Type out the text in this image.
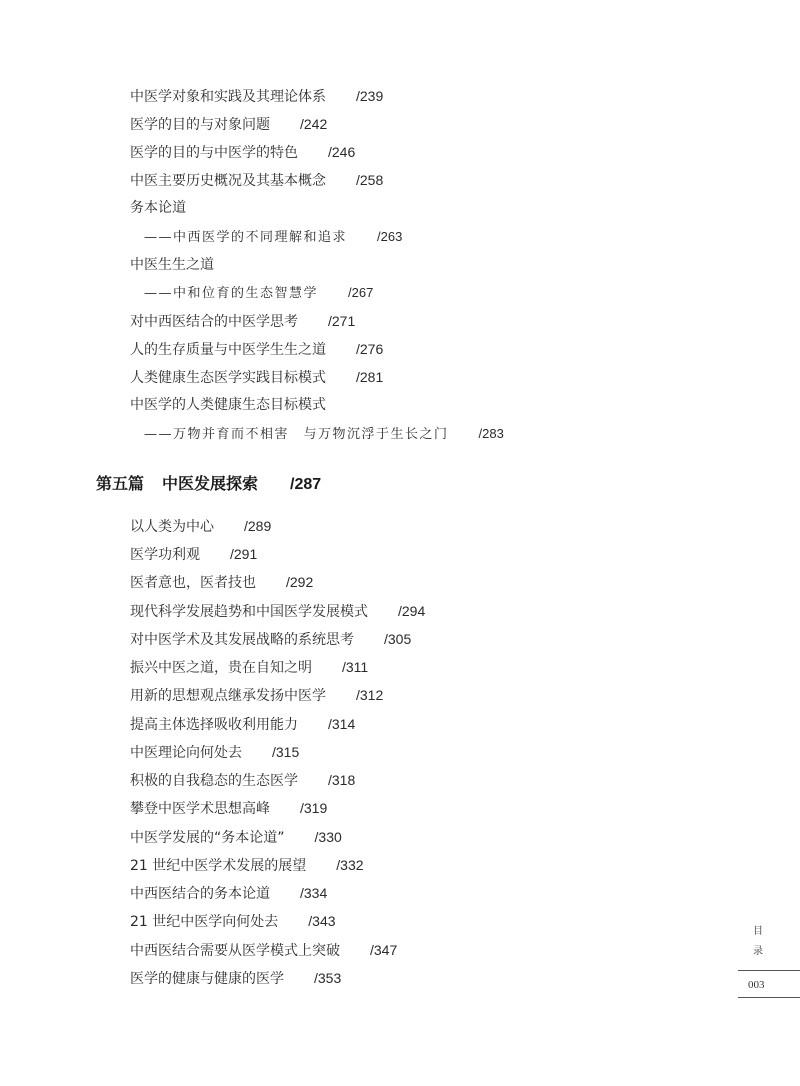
中医学对象和实践及其理论体系 /239
医学的目的与对象问题 /242
医学的目的与中医学的特色 /246
中医主要历史概况及其基本概念 /258
务本论道
——中西医学的不同理解和追求 /263
中医生生之道
——中和位育的生态智慧学 /267
对中西医结合的中医学思考 /271
人的生存质量与中医学生生之道 /276
人类健康生态医学实践目标模式 /281
中医学的人类健康生态目标模式
——万物并育而不相害　与万物沉浮于生长之门 /283
第五篇 中医发展探索 /287
以人类为中心 /289
医学功利观 /291
医者意也，医者技也 /292
现代科学发展趋势和中国医学发展模式 /294
对中医学术及其发展战略的系统思考 /305
振兴中医之道，贵在自知之明 /311
用新的思想观点继承发扬中医学 /312
提高主体选择吸收利用能力 /314
中医理论向何处去 /315
积极的自我稳态的生态医学 /318
攀登中医学术思想高峰 /319
中医学发展的“务本论道” /330
21 世纪中医学术发展的展望 /332
中西医结合的务本论道 /334
21 世纪中医学向何处去 /343
中西医结合需要从医学模式上突破 /347
医学的健康与健康的医学 /353
目
录
003
